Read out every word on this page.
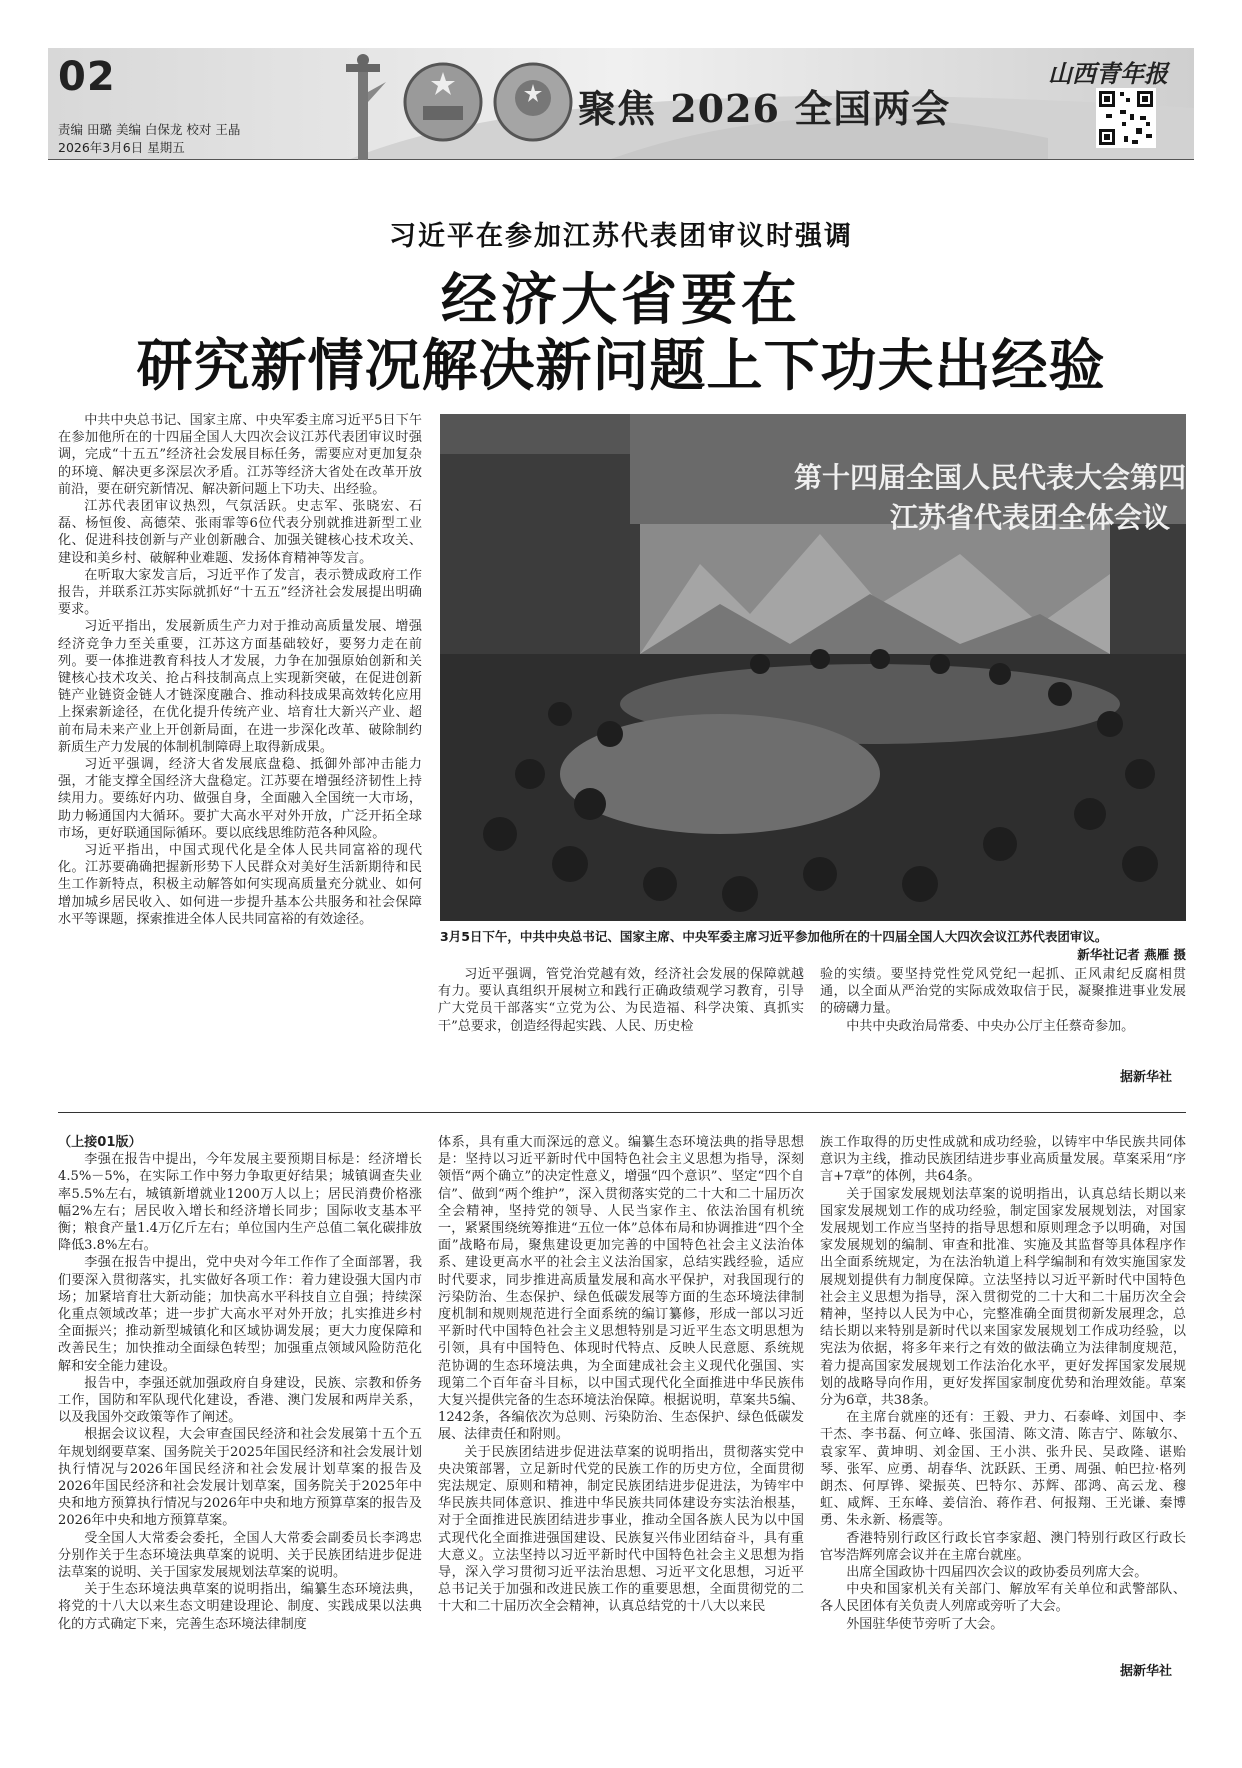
02
责编 田璐 美编 白保龙 校对 王晶
2026年3月6日 星期五
聚焦 2026 全国两会
山西青年报
习近平在参加江苏代表团审议时强调
经济大省要在
研究新情况解决新问题上下功夫出经验

中共中央总书记、国家主席、中央军委主席习近平5日下午在参加他所在的十四届全国人大四次会议江苏代表团审议时强调，完成“十五五”经济社会发展目标任务，需要应对更加复杂的环境、解决更多深层次矛盾。江苏等经济大省处在改革开放前沿，要在研究新情况、解决新问题上下功夫、出经验。

江苏代表团审议热烈，气氛活跃。史志军、张晓宏、石磊、杨恒俊、高德荣、张雨霏等6位代表分别就推进新型工业化、促进科技创新与产业创新融合、加强关键核心技术攻关、建设和美乡村、破解种业难题、发扬体育精神等发言。

在听取大家发言后，习近平作了发言，表示赞成政府工作报告，并联系江苏实际就抓好“十五五”经济社会发展提出明确要求。

习近平指出，发展新质生产力对于推动高质量发展、增强经济竞争力至关重要，江苏这方面基础较好，要努力走在前列。要一体推进教育科技人才发展，力争在加强原始创新和关键核心技术攻关、抢占科技制高点上实现新突破，在促进创新链产业链资金链人才链深度融合、推动科技成果高效转化应用上探索新途径，在优化提升传统产业、培育壮大新兴产业、超前布局未来产业上开创新局面，在进一步深化改革、破除制约新质生产力发展的体制机制障碍上取得新成果。

习近平强调，经济大省发展底盘稳、抵御外部冲击能力强，才能支撑全国经济大盘稳定。江苏要在增强经济韧性上持续用力。要练好内功、做强自身，全面融入全国统一大市场，助力畅通国内大循环。要扩大高水平对外开放，广泛开拓全球市场，更好联通国际循环。要以底线思维防范各种风险。

习近平指出，中国式现代化是全体人民共同富裕的现代化。江苏要确确把握新形势下人民群众对美好生活新期待和民生工作新特点，积极主动解答如何实现高质量充分就业、如何增加城乡居民收入、如何进一步提升基本公共服务和社会保障水平等课题，探索推进全体人民共同富裕的有效途径。

第十四届全国人民代表大会第四
江苏省代表团全体会议
3月5日下午，中共中央总书记、国家主席、中央军委主席习近平参加他所在的十四届全国人大四次会议江苏代表团审议。
新华社记者 燕雁 摄

习近平强调，管党治党越有效，经济社会发展的保障就越有力。要认真组织开展树立和践行正确政绩观学习教育，引导广大党员干部落实“立党为公、为民造福、科学决策、真抓实干”总要求，创造经得起实践、人民、历史检

验的实绩。要坚持党性党风党纪一起抓、正风肃纪反腐相贯通，以全面从严治党的实际成效取信于民，凝聚推进事业发展的磅礴力量。

中共中央政治局常委、中央办公厅主任蔡奇参加。

据新华社

（上接01版）

李强在报告中提出，今年发展主要预期目标是：经济增长4.5%－5%，在实际工作中努力争取更好结果；城镇调查失业率5.5%左右，城镇新增就业1200万人以上；居民消费价格涨幅2%左右；居民收入增长和经济增长同步；国际收支基本平衡；粮食产量1.4万亿斤左右；单位国内生产总值二氧化碳排放降低3.8%左右。

李强在报告中提出，党中央对今年工作作了全面部署，我们要深入贯彻落实，扎实做好各项工作：着力建设强大国内市场；加紧培育壮大新动能；加快高水平科技自立自强；持续深化重点领域改革；进一步扩大高水平对外开放；扎实推进乡村全面振兴；推动新型城镇化和区域协调发展；更大力度保障和改善民生；加快推动全面绿色转型；加强重点领域风险防范化解和安全能力建设。

报告中，李强还就加强政府自身建设，民族、宗教和侨务工作，国防和军队现代化建设，香港、澳门发展和两岸关系，以及我国外交政策等作了阐述。

根据会议议程，大会审查国民经济和社会发展第十五个五年规划纲要草案、国务院关于2025年国民经济和社会发展计划执行情况与2026年国民经济和社会发展计划草案的报告及2026年国民经济和社会发展计划草案，国务院关于2025年中央和地方预算执行情况与2026年中央和地方预算草案的报告及2026年中央和地方预算草案。

受全国人大常委会委托，全国人大常委会副委员长李鸿忠分别作关于生态环境法典草案的说明、关于民族团结进步促进法草案的说明、关于国家发展规划法草案的说明。

关于生态环境法典草案的说明指出，编纂生态环境法典，将党的十八大以来生态文明建设理论、制度、实践成果以法典化的方式确定下来，完善生态环境法律制度

体系，具有重大而深远的意义。编纂生态环境法典的指导思想是：坚持以习近平新时代中国特色社会主义思想为指导，深刻领悟“两个确立”的决定性意义，增强“四个意识”、坚定“四个自信”、做到“两个维护”，深入贯彻落实党的二十大和二十届历次全会精神，坚持党的领导、人民当家作主、依法治国有机统一，紧紧围绕统筹推进“五位一体”总体布局和协调推进“四个全面”战略布局，聚焦建设更加完善的中国特色社会主义法治体系、建设更高水平的社会主义法治国家，总结实践经验，适应时代要求，同步推进高质量发展和高水平保护，对我国现行的污染防治、生态保护、绿色低碳发展等方面的生态环境法律制度机制和规则规范进行全面系统的编订纂修，形成一部以习近平新时代中国特色社会主义思想特别是习近平生态文明思想为引领，具有中国特色、体现时代特点、反映人民意愿、系统规范协调的生态环境法典，为全面建成社会主义现代化强国、实现第二个百年奋斗目标，以中国式现代化全面推进中华民族伟大复兴提供完备的生态环境法治保障。根据说明，草案共5编、1242条，各编依次为总则、污染防治、生态保护、绿色低碳发展、法律责任和附则。

关于民族团结进步促进法草案的说明指出，贯彻落实党中央决策部署，立足新时代党的民族工作的历史方位，全面贯彻宪法规定、原则和精神，制定民族团结进步促进法，为铸牢中华民族共同体意识、推进中华民族共同体建设夯实法治根基，对于全面推进民族团结进步事业，推动全国各族人民为以中国式现代化全面推进强国建设、民族复兴伟业团结奋斗，具有重大意义。立法坚持以习近平新时代中国特色社会主义思想为指导，深入学习贯彻习近平法治思想、习近平文化思想，习近平总书记关于加强和改进民族工作的重要思想，全面贯彻党的二十大和二十届历次全会精神，认真总结党的十八大以来民

族工作取得的历史性成就和成功经验，以铸牢中华民族共同体意识为主线，推动民族团结进步事业高质量发展。草案采用“序言+7章”的体例，共64条。

关于国家发展规划法草案的说明指出，认真总结长期以来国家发展规划工作的成功经验，制定国家发展规划法，对国家发展规划工作应当坚持的指导思想和原则理念予以明确，对国家发展规划的编制、审查和批准、实施及其监督等具体程序作出全面系统规定，为在法治轨道上科学编制和有效实施国家发展规划提供有力制度保障。立法坚持以习近平新时代中国特色社会主义思想为指导，深入贯彻党的二十大和二十届历次全会精神，坚持以人民为中心，完整准确全面贯彻新发展理念，总结长期以来特别是新时代以来国家发展规划工作成功经验，以宪法为依据，将多年来行之有效的做法确立为法律制度规范，着力提高国家发展规划工作法治化水平，更好发挥国家发展规划的战略导向作用，更好发挥国家制度优势和治理效能。草案分为6章，共38条。

在主席台就座的还有：王毅、尹力、石泰峰、刘国中、李干杰、李书磊、何立峰、张国清、陈文清、陈吉宁、陈敏尔、袁家军、黄坤明、刘金国、王小洪、张升民、吴政隆、谌贻琴、张军、应勇、胡春华、沈跃跃、王勇、周强、帕巴拉·格列朗杰、何厚铧、梁振英、巴特尔、苏辉、邵鸿、高云龙、穆虹、咸辉、王东峰、姜信治、蒋作君、何报翔、王光谦、秦博勇、朱永新、杨震等。

香港特别行政区行政长官李家超、澳门特别行政区行政长官岑浩辉列席会议并在主席台就座。

出席全国政协十四届四次会议的政协委员列席大会。

中央和国家机关有关部门、解放军有关单位和武警部队、各人民团体有关负责人列席或旁听了大会。

外国驻华使节旁听了大会。

据新华社
